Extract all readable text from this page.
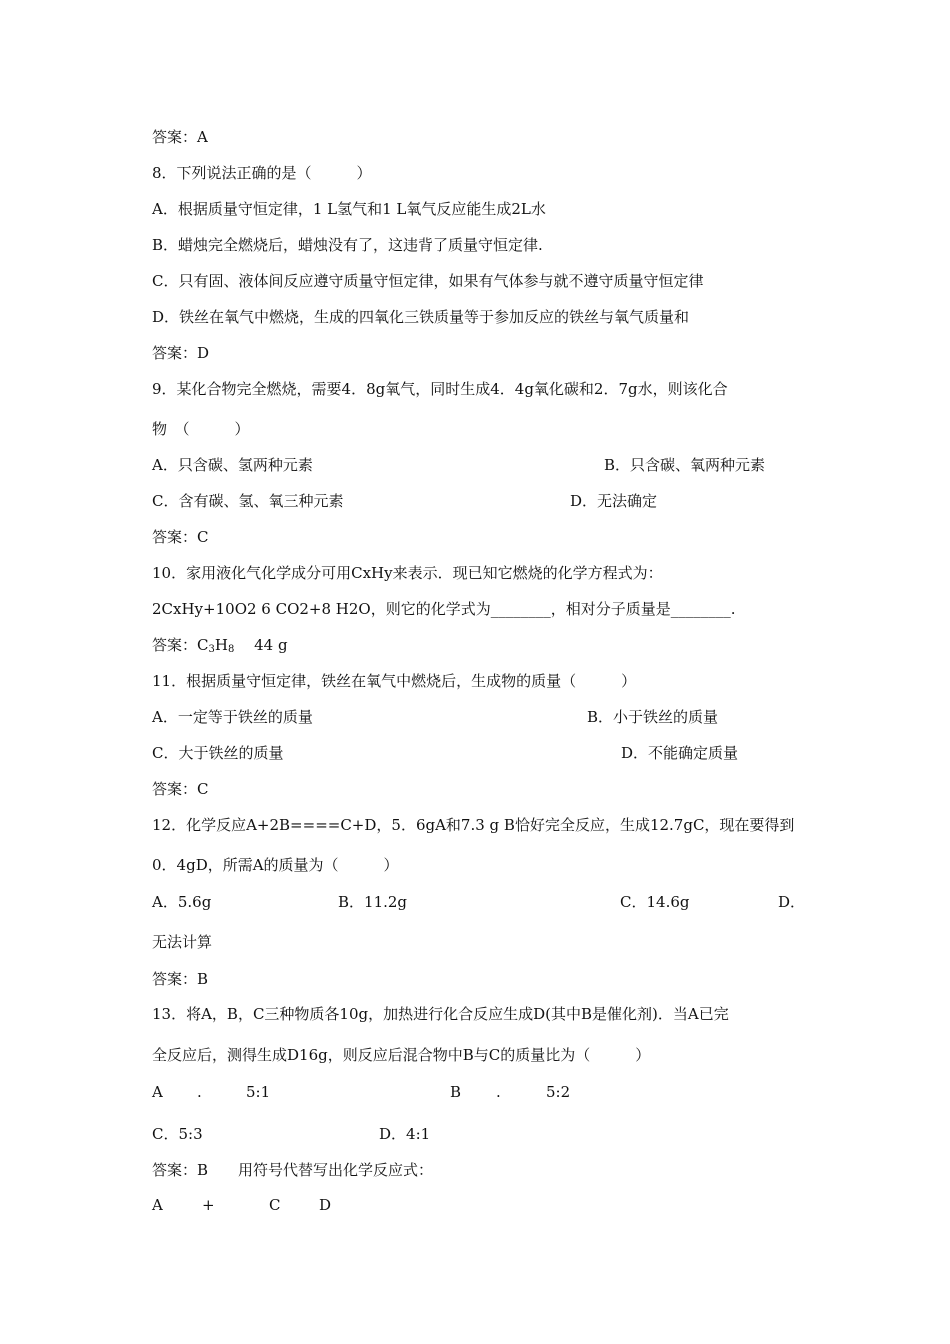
答案：A
8．下列说法正确的是（　　　）
A．根据质量守恒定律，1 L氢气和1 L氧气反应能生成2L水
B．蜡烛完全燃烧后，蜡烛没有了，这违背了质量守恒定律.
C．只有固、液体间反应遵守质量守恒定律，如果有气体参与就不遵守质量守恒定律
D．铁丝在氧气中燃烧，生成的四氧化三铁质量等于参加反应的铁丝与氧气质量和
答案：D
9．某化合物完全燃烧，需要4．8g氧气，同时生成4．4g氧化碳和2．7g水，则该化合
物　（　　　）
A．只含碳、氢两种元素	B．只含碳、氧两种元素
C．含有碳、氢、氧三种元素	D．无法确定
答案：C
10．家用液化气化学成分可用CxHy来表示．现已知它燃烧的化学方程式为：
2CxHy+10O2 6 CO2+8 H2O，则它的化学式为________，相对分子质量是________.
答案：$C_3H_8$　 44 g
11．根据质量守恒定律，铁丝在氧气中燃烧后，生成物的质量（　　　）
A．一定等于铁丝的质量	B．小于铁丝的质量
C．大于铁丝的质量	D．不能确定质量
答案：C
12．化学反应A+2B====C+D，5．6gA和7.3 g B恰好完全反应，生成12.7gC，现在要得到
0．4gD，所需A的质量为（　　　）
A．5.6g	B．11.2g	C．14.6g	D．
无法计算
答案：B
13．将A，B，C三种物质各10g，加热进行化合反应生成D(其中B是催化剂)．当A已完
全反应后，测得生成D16g，则反应后混合物中B与C的质量比为（　　　）
A .	5:1	B .	5:2
C．5:3	D．4:1
答案：B　　用符号代替写出化学反应式：
A	+	C	D
